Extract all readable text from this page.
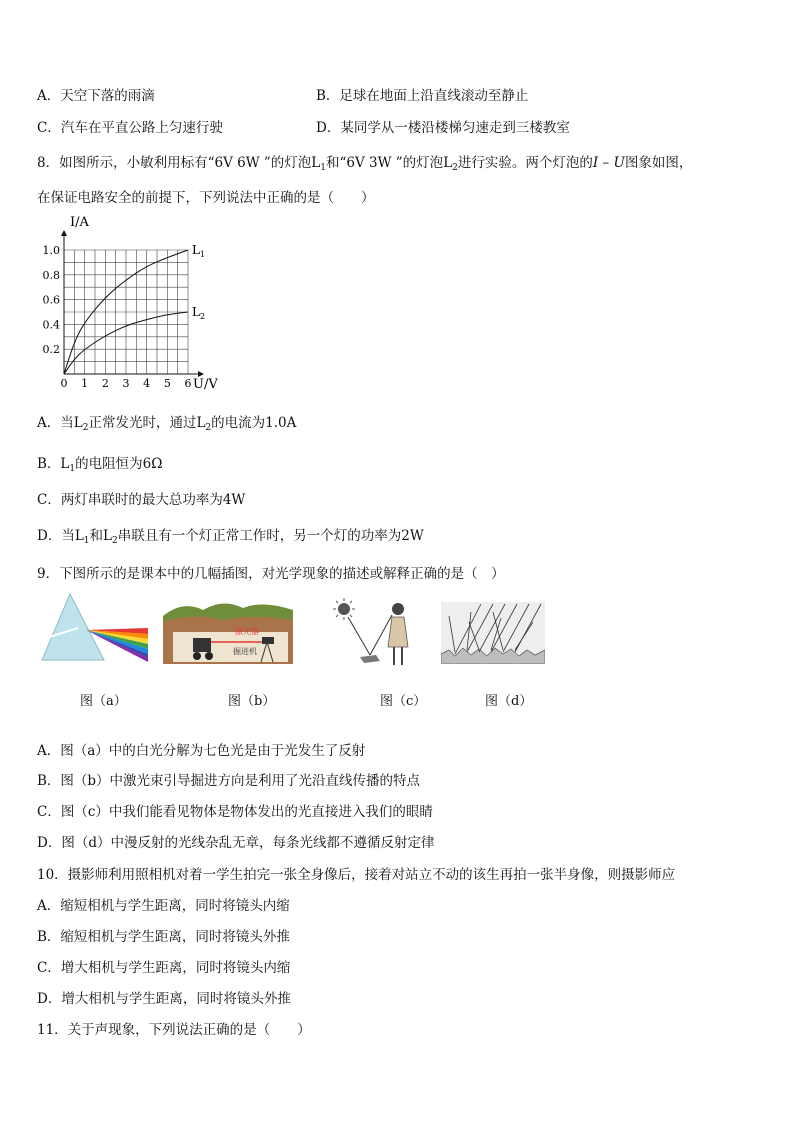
A．天空下落的雨滴	B．足球在地面上沿直线滚动至静止
C．汽车在平直公路上匀速行驶	D．某同学从一楼沿楼梯匀速走到三楼教室
8．如图所示，小敏利用标有“6V 6W ”的灯泡$L_1$和“6V 3W ”的灯泡$L_2$进行实验。两个灯泡的I – U图象如图，
在保证电路安全的前提下，下列说法中正确的是（　　）
0 1 2 3 4 5 6
0.2
0.4
0.6
0.8
1.0	$L_1$
$L_2$
I/A
U/V
A．当$L_2$正常发光时，通过$L_2$的电流为1.0A
B．$L_1$的电阻恒为6Ω
C．两灯串联时的最大总功率为4W
D．当$L_1$和$L_2$串联且有一个灯正常工作时，另一个灯的功率为2W
9．下图所示的是课本中的几幅插图，对光学现象的描述或解释正确的是（　）
激光器
掘进机
图（a）	图（b）	图（c）	图（d）
A．图（a）中的白光分解为七色光是由于光发生了反射
B．图（b）中激光束引导掘进方向是利用了光沿直线传播的特点
C．图（c）中我们能看见物体是物体发出的光直接进入我们的眼睛
D．图（d）中漫反射的光线杂乱无章，每条光线都不遵循反射定律
10．摄影师利用照相机对着一学生拍完一张全身像后，接着对站立不动的该生再拍一张半身像，则摄影师应
A．缩短相机与学生距离，同时将镜头内缩
B．缩短相机与学生距离，同时将镜头外推
C．增大相机与学生距离，同时将镜头内缩
D．增大相机与学生距离，同时将镜头外推
11．关于声现象，下列说法正确的是（　　）
